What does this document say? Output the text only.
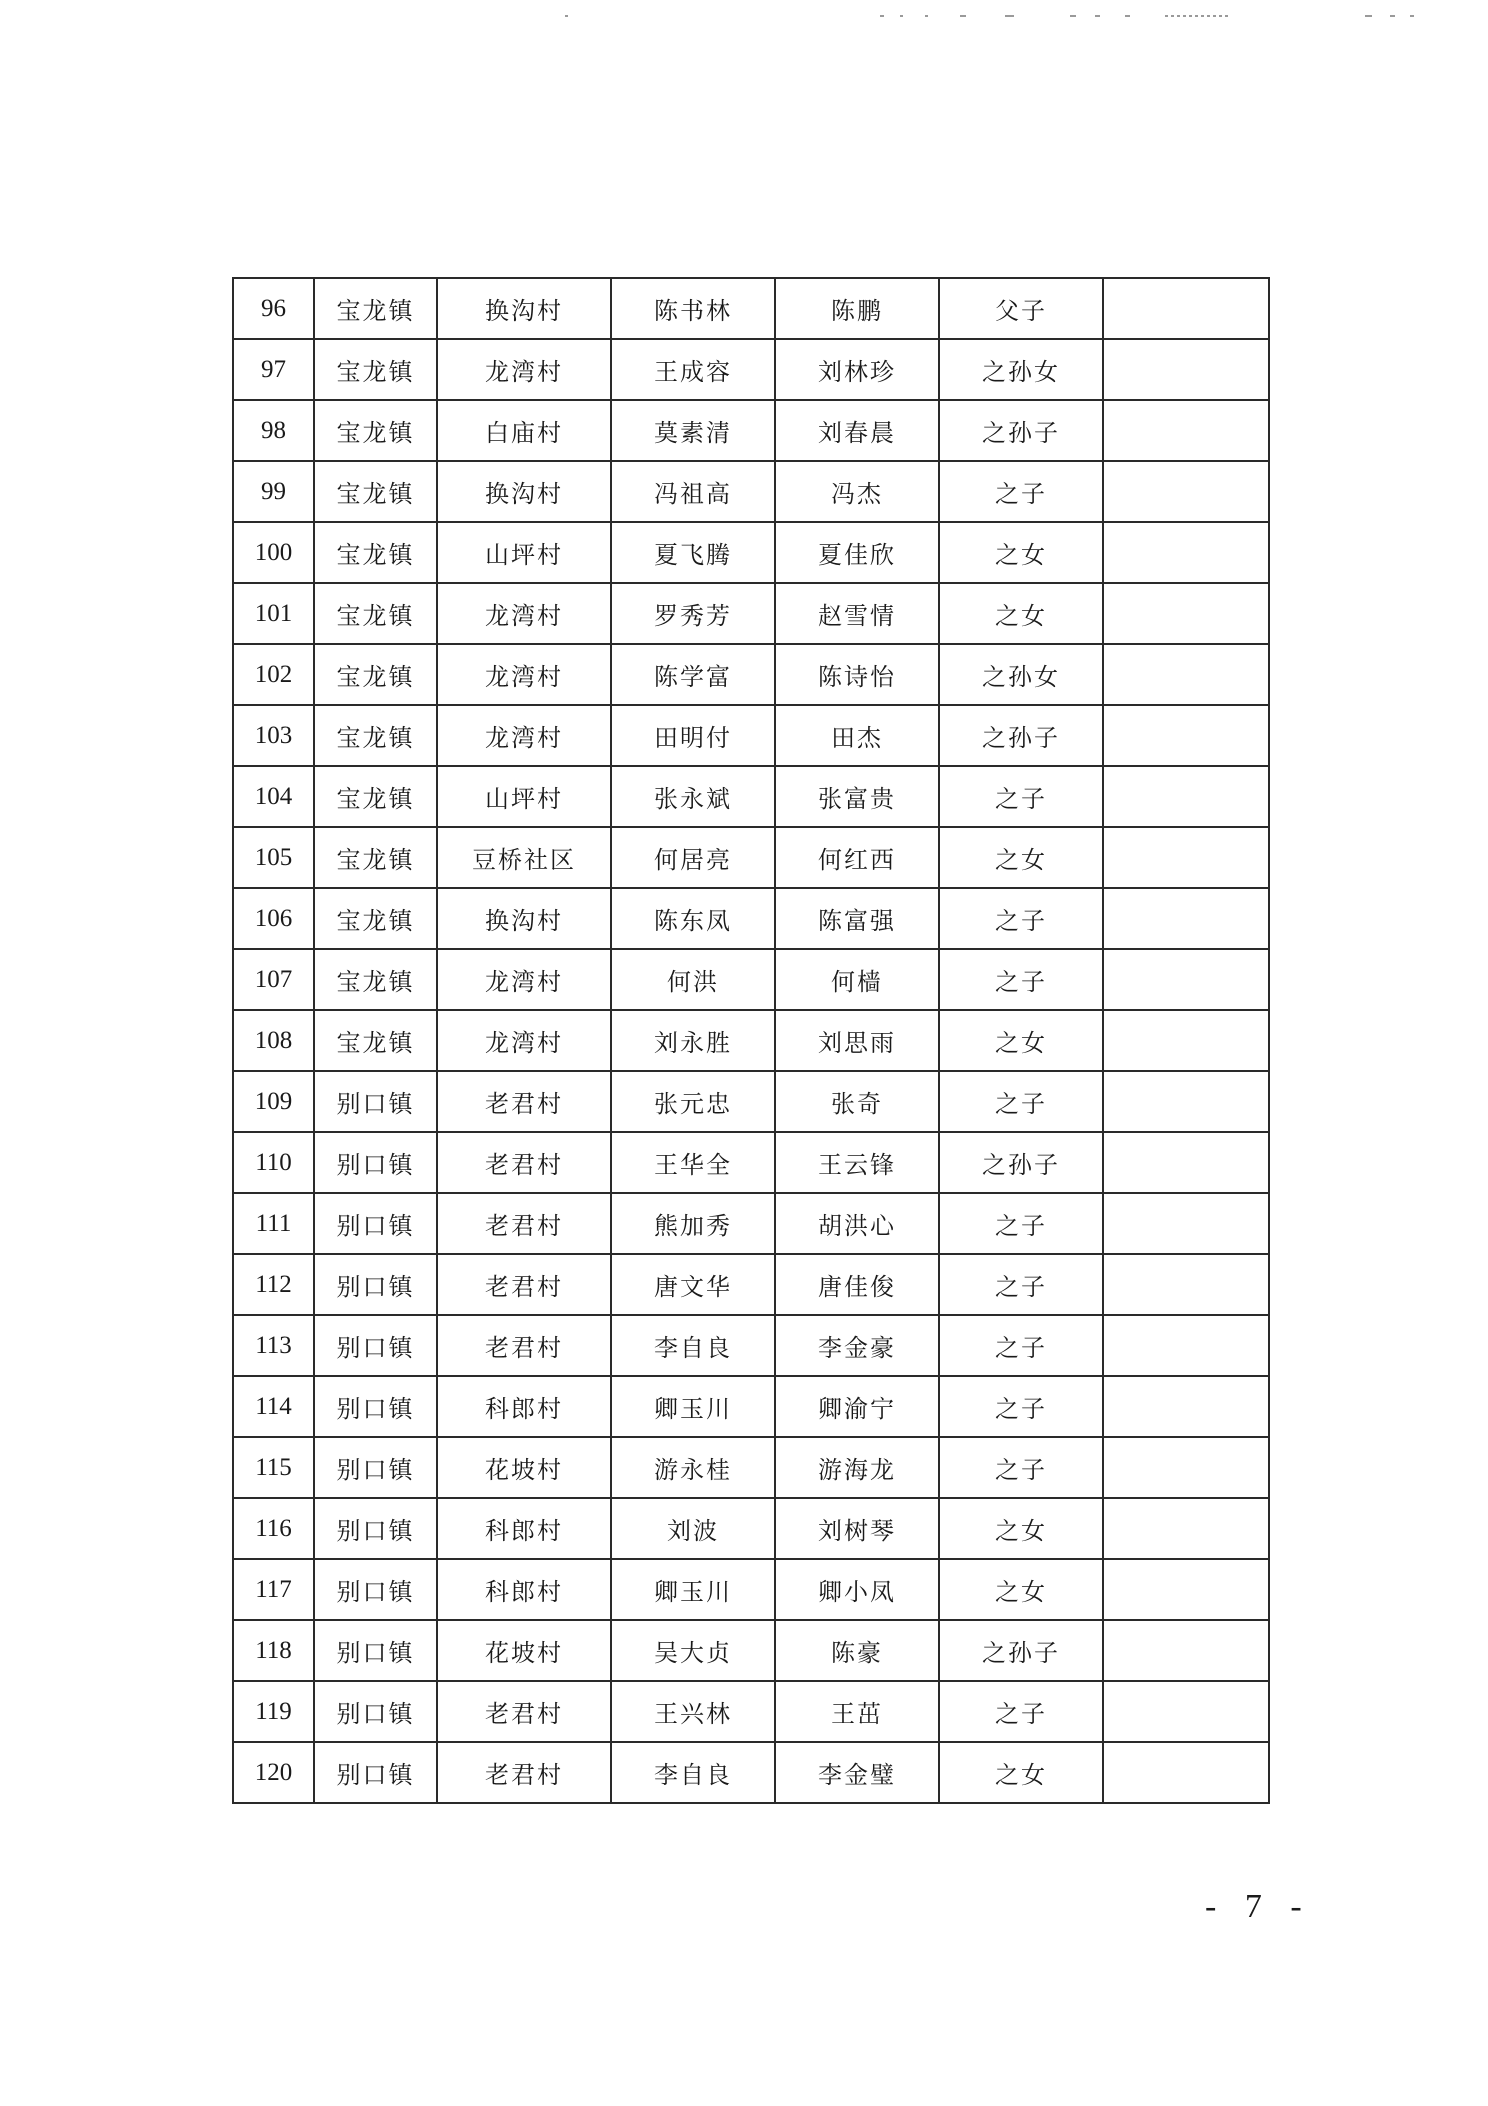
96	宝龙镇	换沟村	陈书林	陈鹏	父子	
97	宝龙镇	龙湾村	王成容	刘林珍	之孙女	
98	宝龙镇	白庙村	莫素清	刘春晨	之孙子	
99	宝龙镇	换沟村	冯祖高	冯杰	之子	
100	宝龙镇	山坪村	夏飞腾	夏佳欣	之女	
101	宝龙镇	龙湾村	罗秀芳	赵雪情	之女	
102	宝龙镇	龙湾村	陈学富	陈诗怡	之孙女	
103	宝龙镇	龙湾村	田明付	田杰	之孙子	
104	宝龙镇	山坪村	张永斌	张富贵	之子	
105	宝龙镇	豆桥社区	何居亮	何红西	之女	
106	宝龙镇	换沟村	陈东凤	陈富强	之子	
107	宝龙镇	龙湾村	何洪	何樯	之子	
108	宝龙镇	龙湾村	刘永胜	刘思雨	之女	
109	别口镇	老君村	张元忠	张奇	之子	
110	别口镇	老君村	王华全	王云锋	之孙子	
111	别口镇	老君村	熊加秀	胡洪心	之子	
112	别口镇	老君村	唐文华	唐佳俊	之子	
113	别口镇	老君村	李自良	李金豪	之子	
114	别口镇	科郎村	卿玉川	卿渝宁	之子	
115	别口镇	花坡村	游永桂	游海龙	之子	
116	别口镇	科郎村	刘波	刘树琴	之女	
117	别口镇	科郎村	卿玉川	卿小凤	之女	
118	别口镇	花坡村	吴大贞	陈豪	之孙子	
119	别口镇	老君村	王兴林	王茁	之子	
120	别口镇	老君村	李自良	李金璧	之女	
- 7 -
